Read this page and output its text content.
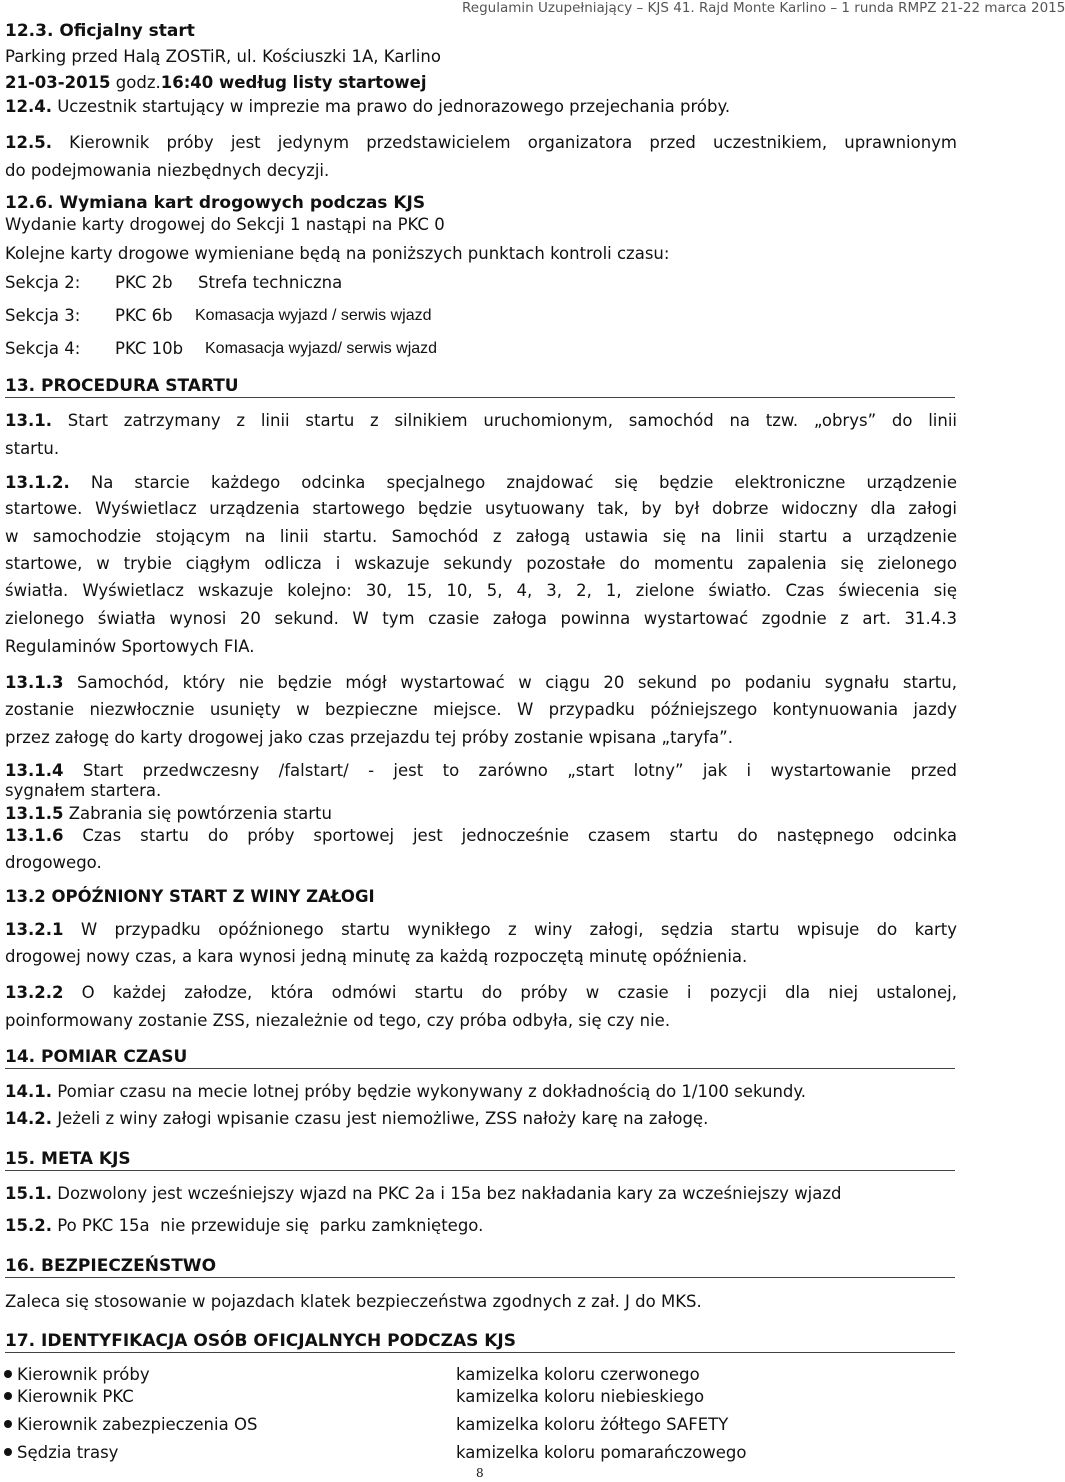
Regulamin Uzupełniający – KJS 41. Rajd Monte Karlino – 1 runda RMPZ 21-22 marca 2015
12.3. Oficjalny start
Parking przed Halą ZOSTiR, ul. Kościuszki 1A, Karlino
21-03-2015 godz.16:40 według listy startowej
12.4. Uczestnik startujący w imprezie ma prawo do jednorazowego przejechania próby.
12.5. Kierownik próby jest jedynym przedstawicielem organizatora przed uczestnikiem, uprawnionym
do podejmowania niezbędnych decyzji.
12.6. Wymiana kart drogowych podczas KJS
Wydanie karty drogowej do Sekcji 1 nastąpi na PKC 0
Kolejne karty drogowe wymieniane będą na poniższych punktach kontroli czasu:
Sekcja 2: PKC 2b Strefa techniczna
Sekcja 3: PKC 6b Komasacja wyjazd / serwis wjazd
Sekcja 4: PKC 10b Komasacja wyjazd/ serwis wjazd
13. PROCEDURA STARTU
13.1. Start zatrzymany z linii startu z silnikiem uruchomionym, samochód na tzw. „obrys” do linii
startu.
13.1.2. Na starcie każdego odcinka specjalnego znajdować się będzie elektroniczne urządzenie
startowe. Wyświetlacz urządzenia startowego będzie usytuowany tak, by był dobrze widoczny dla załogi
w samochodzie stojącym na linii startu. Samochód z załogą ustawia się na linii startu a urządzenie
startowe, w trybie ciągłym odlicza i wskazuje sekundy pozostałe do momentu zapalenia się zielonego
światła. Wyświetlacz wskazuje kolejno: 30, 15, 10, 5, 4, 3, 2, 1, zielone światło. Czas świecenia się
zielonego światła wynosi 20 sekund. W tym czasie załoga powinna wystartować zgodnie z art. 31.4.3
Regulaminów Sportowych FIA.
13.1.3 Samochód, który nie będzie mógł wystartować w ciągu 20 sekund po podaniu sygnału startu,
zostanie niezwłocznie usunięty w bezpieczne miejsce. W przypadku późniejszego kontynuowania jazdy
przez załogę do karty drogowej jako czas przejazdu tej próby zostanie wpisana „taryfa”.
13.1.4 Start przedwczesny /falstart/ - jest to zarówno „start lotny” jak i wystartowanie przed
sygnałem startera.
13.1.5 Zabrania się powtórzenia startu
13.1.6 Czas startu do próby sportowej jest jednocześnie czasem startu do następnego odcinka
drogowego.
13.2 OPÓŹNIONY START Z WINY ZAŁOGI
13.2.1 W przypadku opóźnionego startu wynikłego z winy załogi, sędzia startu wpisuje do karty
drogowej nowy czas, a kara wynosi jedną minutę za każdą rozpoczętą minutę opóźnienia.
13.2.2 O każdej załodze, która odmówi startu do próby w czasie i pozycji dla niej ustalonej,
poinformowany zostanie ZSS, niezależnie od tego, czy próba odbyła, się czy nie.
14. POMIAR CZASU
14.1. Pomiar czasu na mecie lotnej próby będzie wykonywany z dokładnością do 1/100 sekundy.
14.2. Jeżeli z winy załogi wpisanie czasu jest niemożliwe, ZSS nałoży karę na załogę.
15. META KJS
15.1. Dozwolony jest wcześniejszy wjazd na PKC 2a i 15a bez nakładania kary za wcześniejszy wjazd
15.2. Po PKC 15a  nie przewiduje się  parku zamkniętego.
16. BEZPIECZEŃSTWO
Zaleca się stosowanie w pojazdach klatek bezpieczeństwa zgodnych z zał. J do MKS.
17. IDENTYFIKACJA OSÓB OFICJALNYCH PODCZAS KJS
Kierownik próby	kamizelka koloru czerwonego
Kierownik PKC	kamizelka koloru niebieskiego
Kierownik zabezpieczenia OS	kamizelka koloru żółtego SAFETY
Sędzia trasy	kamizelka koloru pomarańczowego
8
